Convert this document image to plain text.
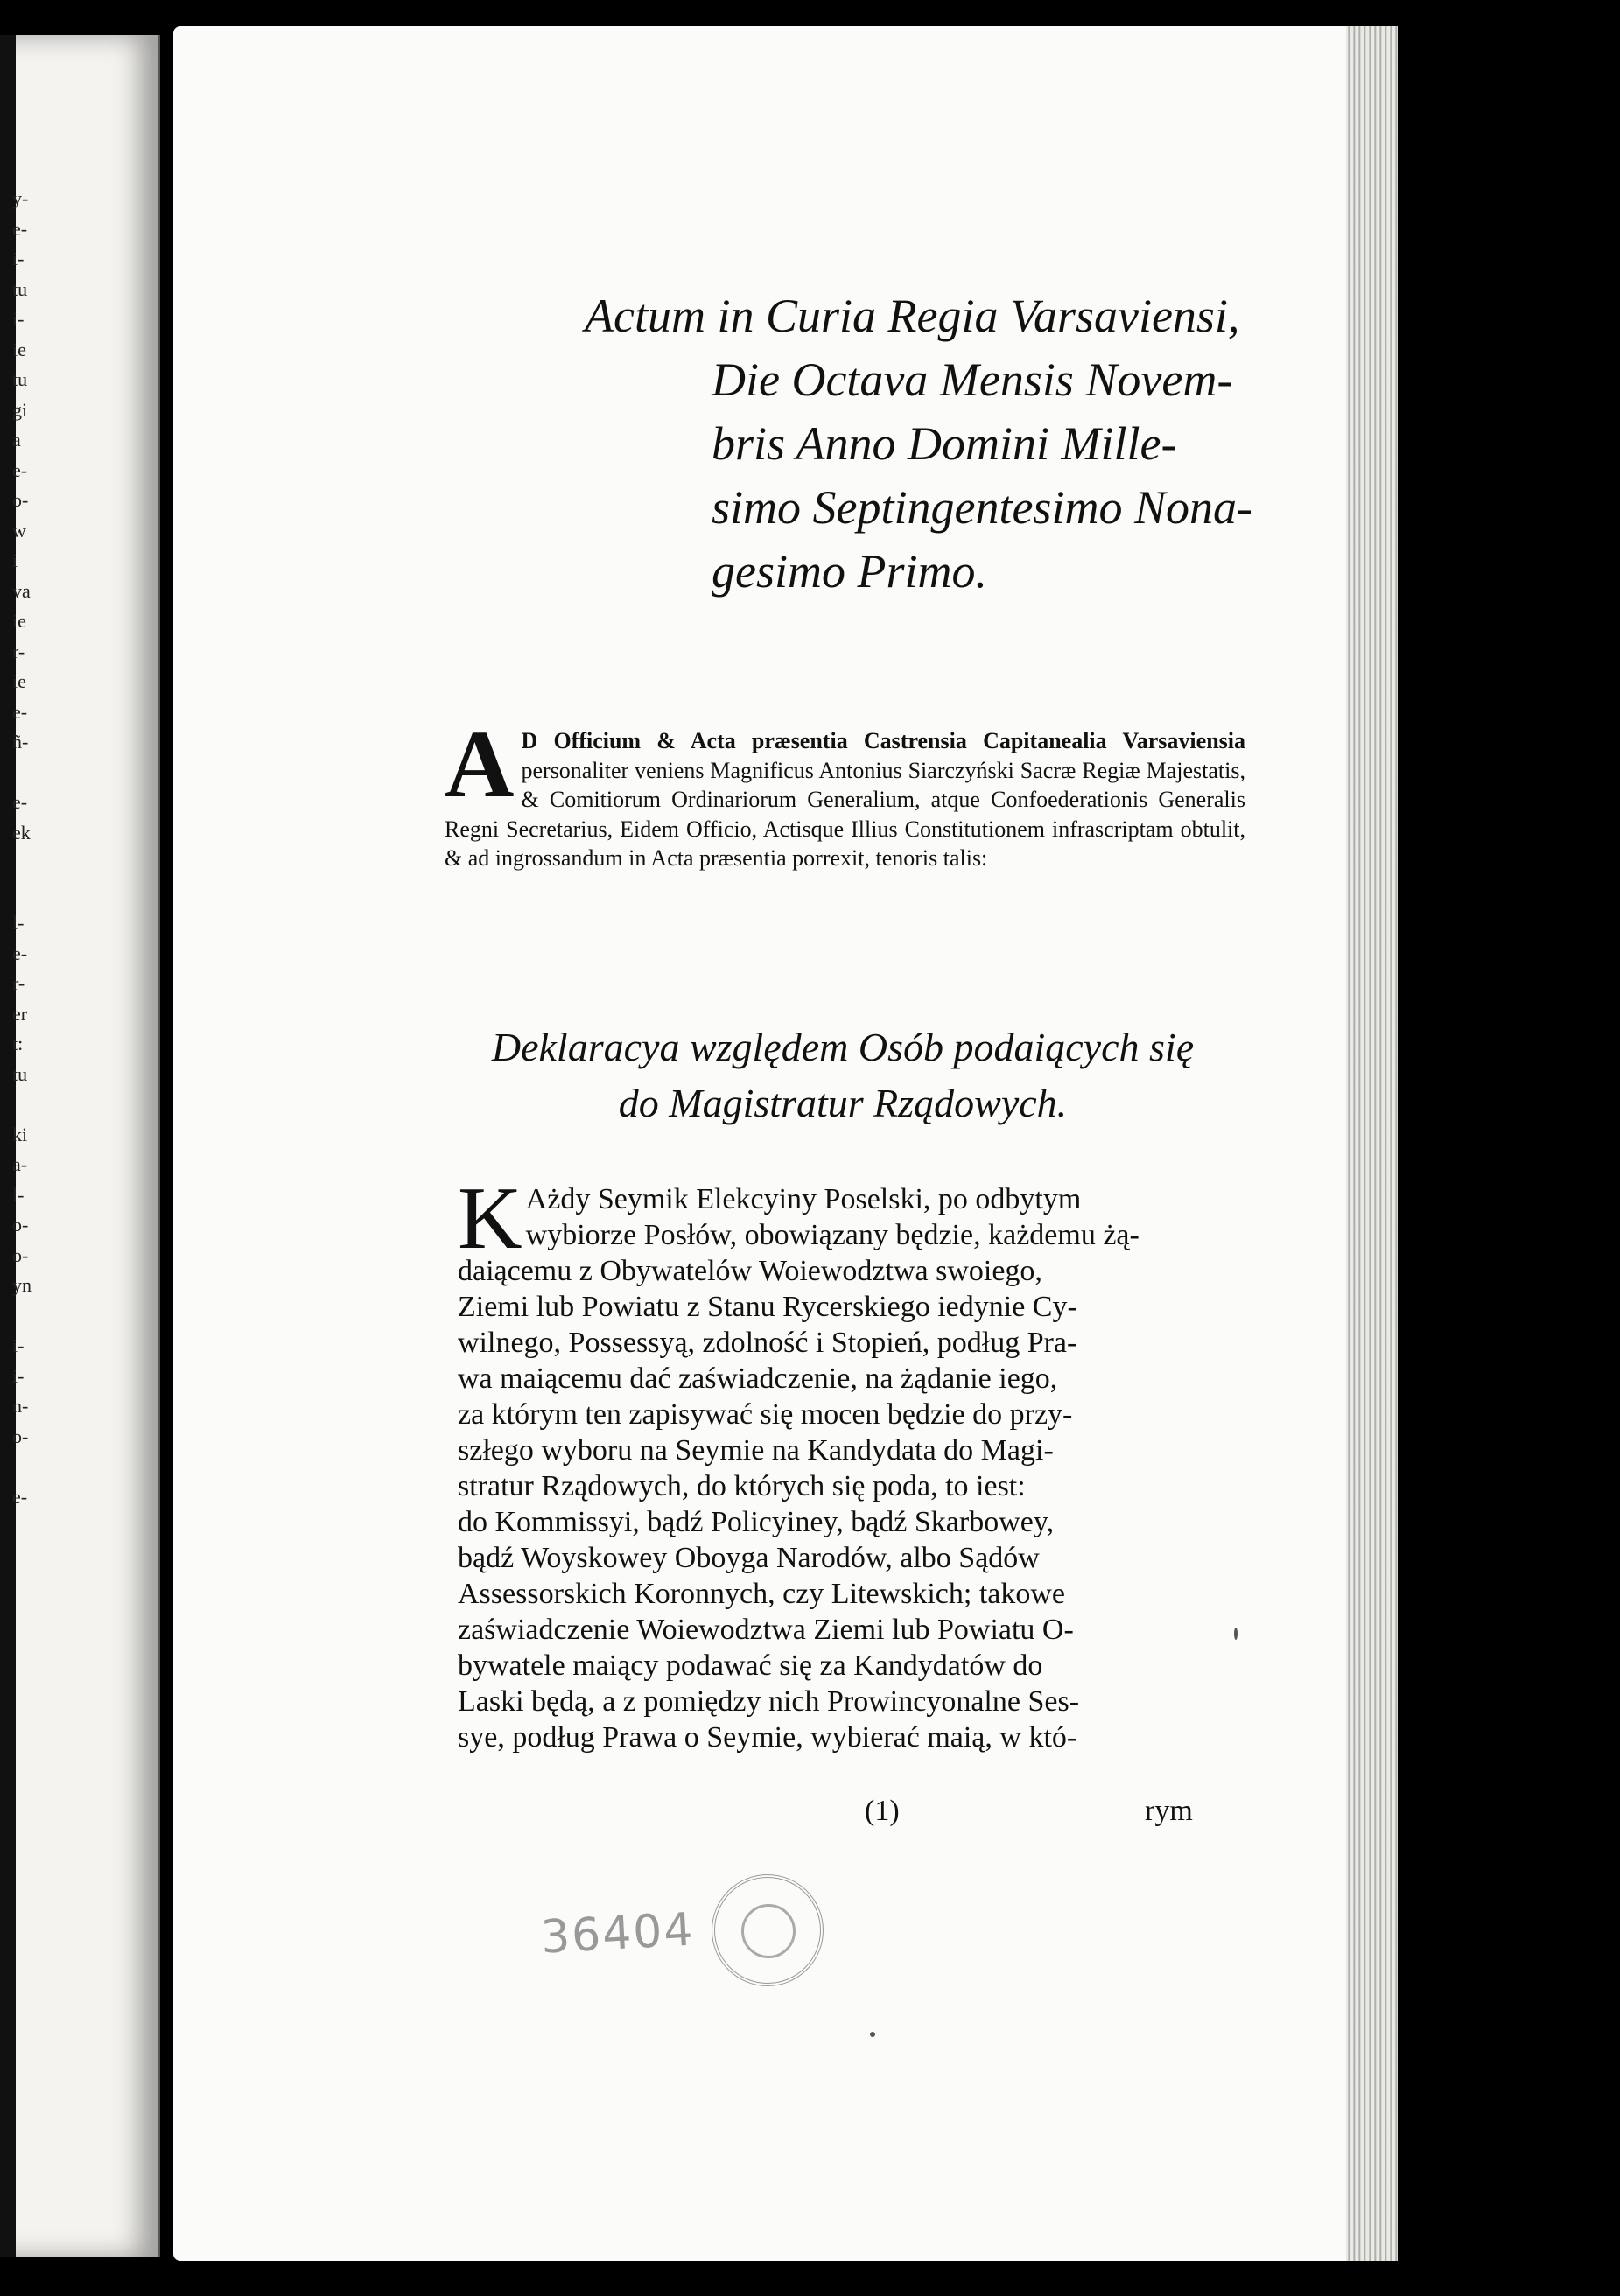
y-
e-
i-
tu
i-
ie
tu
gi
a
e-
o-
w
i
va
ie
r-
ie
e-
ñ-
e-
ek
l-
e-
r-
er
t:
tu
ki
a-
l-
o-
o-
yn
i-
i-
n-
o-
e-
Actum in Curia Regia Varsaviensi,
Die Octava Mensis Novem-
bris Anno Domini Mille-
simo Septingentesimo Nona-
gesimo Primo.
A D Officium & Acta præsentia Castrensia Capitanealia Varsaviensia personaliter veniens Magnificus Antonius Siarczyński Sacræ Regiæ Majestatis, & Comitiorum Ordinariorum Generalium, atque Confoederationis Generalis Regni Secretarius, Eidem Officio, Actisque Illius Constitutionem infrascriptam obtulit, & ad ingrossandum in Acta præsentia porrexit, tenoris talis:
Deklaracya względem Osób podaiących się
do Magistratur Rządowych.
K Ażdy Seymik Elekcyiny Poselski, po odbytym
wybiorze Posłów, obowiązany będzie, każdemu żą-
daiącemu z Obywatelów Woiewodztwa swoiego,
Ziemi lub Powiatu z Stanu Rycerskiego iedynie Cy-
wilnego, Possessyą, zdolność i Stopień, podług Pra-
wa maiącemu dać zaświadczenie, na żądanie iego,
za którym ten zapisywać się mocen będzie do przy-
szłego wyboru na Seymie na Kandydata do Magi-
stratur Rządowych, do których się poda, to iest:
do Kommissyi, bądź Policyiney, bądź Skarbowey,
bądź Woyskowey Oboyga Narodów, albo Sądów
Assessorskich Koronnych, czy Litewskich; takowe
zaświadczenie Woiewodztwa Ziemi lub Powiatu O-
bywatele maiący podawać się za Kandydatów do
Laski będą, a z pomiędzy nich Prowincyonalne Ses-
sye, podług Prawa o Seymie, wybierać maią, w któ-
(1)	rym
36404
